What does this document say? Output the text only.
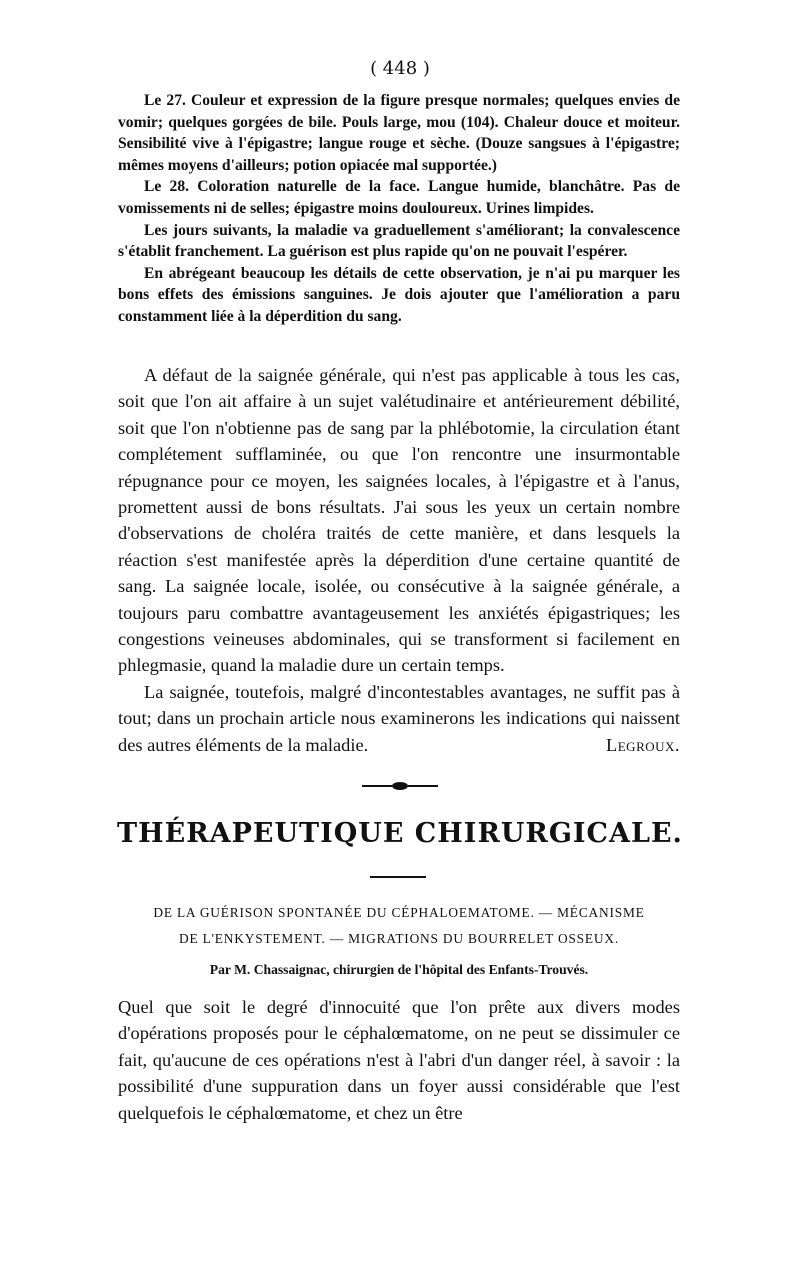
( 448 )

Le 27. Couleur et expression de la figure presque normales; quelques envies de vomir; quelques gorgées de bile. Pouls large, mou (104). Chaleur douce et moiteur. Sensibilité vive à l'épigastre; langue rouge et sèche. (Douze sangsues à l'épigastre; mêmes moyens d'ailleurs; potion opiacée mal supportée.)

Le 28. Coloration naturelle de la face. Langue humide, blanchâtre. Pas de vomissements ni de selles; épigastre moins douloureux. Urines limpides.

Les jours suivants, la maladie va graduellement s'améliorant; la convalescence s'établit franchement. La guérison est plus rapide qu'on ne pouvait l'espérer.

En abrégeant beaucoup les détails de cette observation, je n'ai pu marquer les bons effets des émissions sanguines. Je dois ajouter que l'amélioration a paru constamment liée à la déperdition du sang.

A défaut de la saignée générale, qui n'est pas applicable à tous les cas, soit que l'on ait affaire à un sujet valétudinaire et antérieurement débilité, soit que l'on n'obtienne pas de sang par la phlébotomie, la circulation étant complétement sufflaminée, ou que l'on rencontre une insurmontable répugnance pour ce moyen, les saignées locales, à l'épigastre et à l'anus, promettent aussi de bons résultats. J'ai sous les yeux un certain nombre d'observations de choléra traités de cette manière, et dans lesquels la réaction s'est manifestée après la déperdition d'une certaine quantité de sang. La saignée locale, isolée, ou consécutive à la saignée générale, a toujours paru combattre avantageusement les anxiétés épigastriques; les congestions veineuses abdominales, qui se transforment si facilement en phlegmasie, quand la maladie dure un certain temps.

La saignée, toutefois, malgré d'incontestables avantages, ne suffit pas à tout; dans un prochain article nous examinerons les indications qui naissent des autres éléments de la maladie.	Legroux.

THÉRAPEUTIQUE CHIRURGICALE.
DE LA GUÉRISON SPONTANÉE DU CÉPHALOEMATOME. — MÉCANISME
DE L'ENKYSTEMENT. — MIGRATIONS DU BOURRELET OSSEUX.
Par M. Chassaignac, chirurgien de l'hôpital des Enfants-Trouvés.

Quel que soit le degré d'innocuité que l'on prête aux divers modes d'opérations proposés pour le céphalœmatome, on ne peut se dissimuler ce fait, qu'aucune de ces opérations n'est à l'abri d'un danger réel, à savoir : la possibilité d'une suppuration dans un foyer aussi considérable que l'est quelquefois le céphalœmatome, et chez un être
